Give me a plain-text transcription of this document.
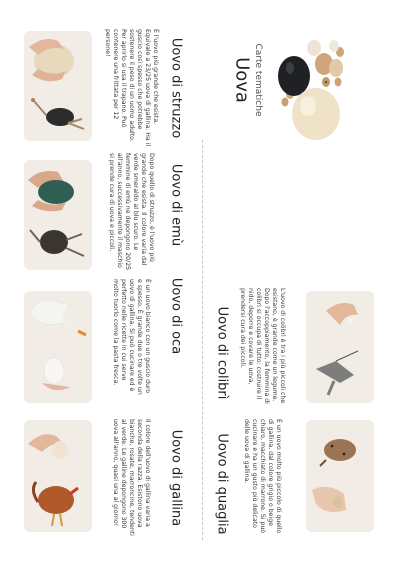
Uova Carte tematiche
Uovo di struzzo
È l'uovo più grande che esista. Equivale a 23/25 uova di gallina. Ha il guscio così spesso che potrebbe sostenere il peso di un uomo adulto. Per aprirlo si usa il trapano. Può contenere una frittata per 12 persone!
Uovo di emù
Dopo quello di struzzo, è l'uovo più grande che esista. Il colore varia dal verde smeraldo al blu scuro. Le femmine di emù ne depongono 20/25 all'anno, successivamente il maschio si prende cura di uova e piccoli.
Uovo di oca
È un uovo bianco con un guscio duro e spesso. È grande due o tre volte un uovo di gallina. Si può cucinare ed è perfetto nelle ricette in cui serve molto tuorlo come la pasta fresca.	Uovo di colibrì	L'uovo di colibrì è tra i più piccoli che esistano, è grande come un legume. Dopo l'accoppiamento, la femmina di colibrì si occupa di tutto: costruire il nido, deporre e covare le uova, prendersi cura dei piccoli.
Uovo di quaglia	È un uovo molto più piccolo di quello di gallina, dal colore grigio o beige chiaro, macchiato di marrone. Si può cucinare e ha un gusto più delicato delle uova di gallina.
Uovo di gallina
Il colore dell'uovo di gallina varia a seconda della razza. Esistono uova bianche, rosate, marroncine, tendenti al verde. Le galline depongono 300 uova all'anno, quasi una al giorno!
